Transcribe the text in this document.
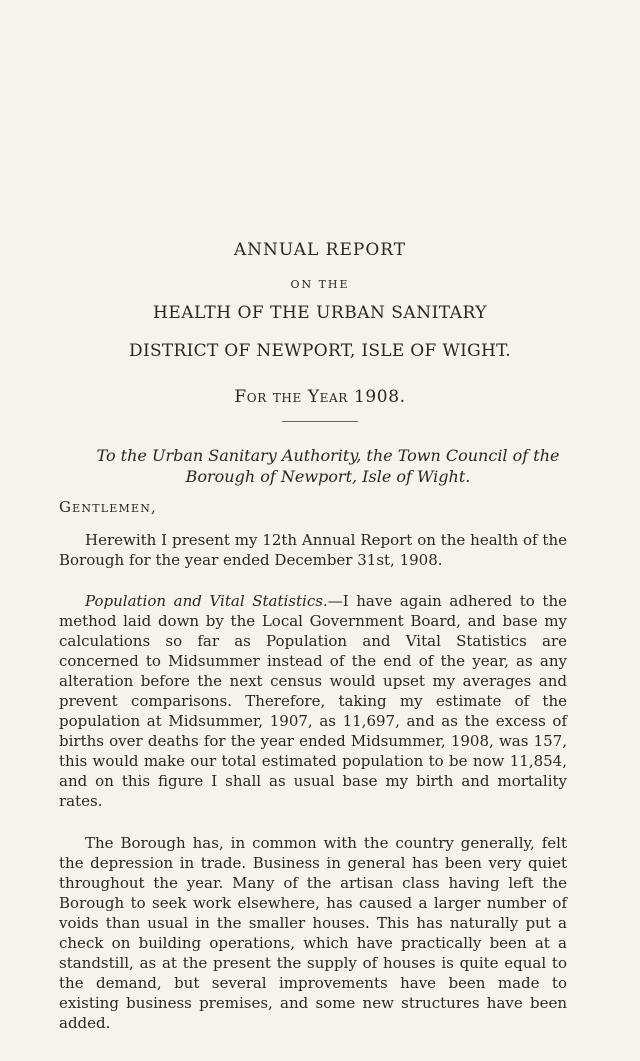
ANNUAL REPORT

ON THE

HEALTH OF THE URBAN SANITARY

DISTRICT OF NEWPORT, ISLE OF WIGHT.

For the Year 1908.

To the Urban Sanitary Authority, the Town Council of the
Borough of Newport, Isle of Wight.
Gentlemen,

Herewith I present my 12th Annual Report on the health of the Borough for the year ended December 31st, 1908.

Population and Vital Statistics.—I have again adhered to the method laid down by the Local Government Board, and base my calculations so far as Population and Vital Statistics are concerned to Midsummer instead of the end of the year, as any alteration before the next census would upset my averages and prevent comparisons. Therefore, taking my estimate of the population at Midsummer, 1907, as 11,697, and as the excess of births over deaths for the year ended Midsummer, 1908, was 157, this would make our total estimated population to be now 11,854, and on this figure I shall as usual base my birth and mortality rates.

The Borough has, in common with the country generally, felt the depression in trade. Business in general has been very quiet throughout the year. Many of the artisan class having left the Borough to seek work elsewhere, has caused a larger number of voids than usual in the smaller houses. This has naturally put a check on building operations, which have practically been at a standstill, as at the present the supply of houses is quite equal to the demand, but several improvements have been made to existing business premises, and some new structures have been added.
